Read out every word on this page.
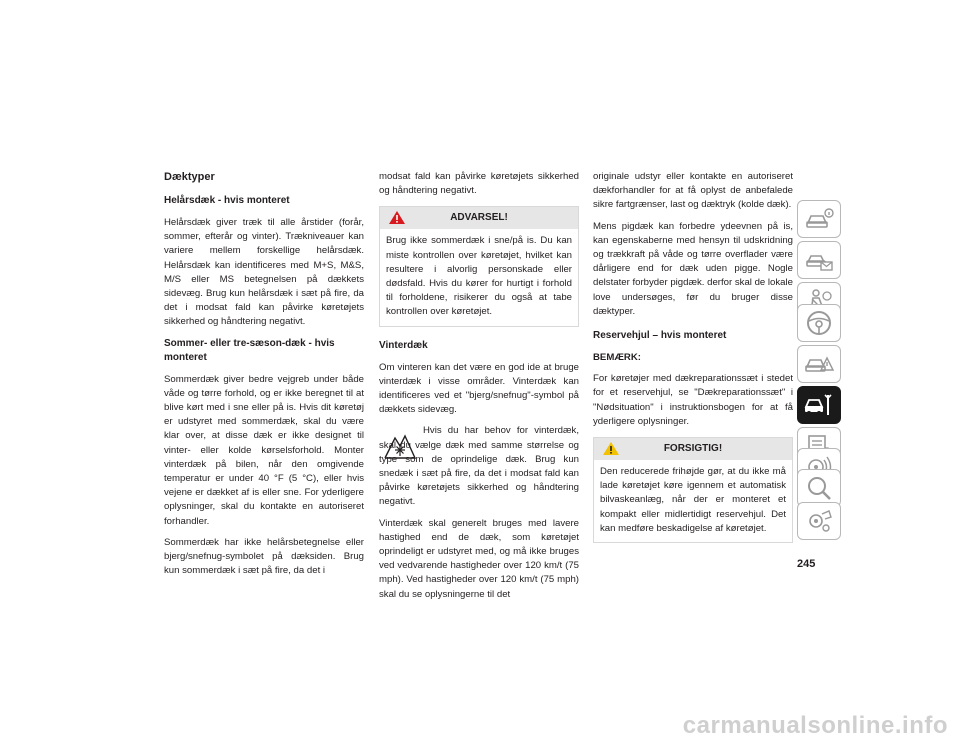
Dæktyper
Helårsdæk - hvis monteret

Helårsdæk giver træk til alle årstider (forår, sommer, efterår og vinter). Trækniveauer kan variere mellem forskellige helårsdæk. Helårsdæk kan identificeres med M+S, M&S, M/S eller MS betegnelsen på dækkets sidevæg. Brug kun helårsdæk i sæt på fire, da det i modsat fald kan påvirke køretøjets sikkerhed og håndtering negativt.

Sommer- eller tre-sæson-dæk - hvis monteret

Sommerdæk giver bedre vejgreb under både våde og tørre forhold, og er ikke beregnet til at blive kørt med i sne eller på is. Hvis dit køretøj er udstyret med sommerdæk, skal du være klar over, at disse dæk er ikke designet til vinter- eller kolde kørselsforhold. Monter vinterdæk på bilen, når den omgivende temperatur er under 40 °F (5 °C), eller hvis vejene er dækket af is eller sne. For yderligere oplysninger, skal du kontakte en autoriseret forhandler.

Sommerdæk har ikke helårsbetegnelse eller bjerg/snefnug-symbolet på dæksiden. Brug kun sommerdæk i sæt på fire, da det i

modsat fald kan påvirke køretøjets sikkerhed og håndtering negativt.

ADVARSEL!

Brug ikke sommerdæk i sne/på is. Du kan miste kontrollen over køretøjet, hvilket kan resultere i alvorlig personskade eller dødsfald. Hvis du kører for hurtigt i forhold til forholdene, risikerer du også at tabe kontrollen over køretøjet.

Vinterdæk

Om vinteren kan det være en god ide at bruge vinterdæk i visse områder. Vinterdæk kan identificeres ved et "bjerg/snefnug"-symbol på dækkets sidevæg.

Hvis du har behov for vinterdæk, skal du vælge dæk med samme størrelse og type som de oprindelige dæk. Brug kun snedæk i sæt på fire, da det i modsat fald kan påvirke køretøjets sikkerhed og håndtering negativt.

Vinterdæk skal generelt bruges med lavere hastighed end de dæk, som køretøjet oprindeligt er udstyret med, og må ikke bruges ved vedvarende hastigheder over 120 km/t (75 mph). Ved hastigheder over 120 km/t (75 mph) skal du se oplysningerne til det

originale udstyr eller kontakte en autoriseret dækforhandler for at få oplyst de anbefalede sikre fartgrænser, last og dæktryk (kolde dæk).

Mens pigdæk kan forbedre ydeevnen på is, kan egenskaberne med hensyn til udskridning og trækkraft på våde og tørre overflader være dårligere end for dæk uden pigge. Nogle delstater forbyder pigdæk. derfor skal de lokale love undersøges, før du bruger disse dæktyper.

Reservehjul – hvis monteret

BEMÆRK:

For køretøjer med dækreparationssæt i stedet for et reservehjul, se "Dækreparationssæt" i "Nødsituation" i instruktionsbogen for at få yderligere oplysninger.

FORSIGTIG!

Den reducerede frihøjde gør, at du ikke må lade køretøjet køre igennem et automatisk bilvaskeanlæg, når der er monteret et kompakt eller midlertidigt reservehjul. Det kan medføre beskadigelse af køretøjet.

245
carmanualsonline.info
